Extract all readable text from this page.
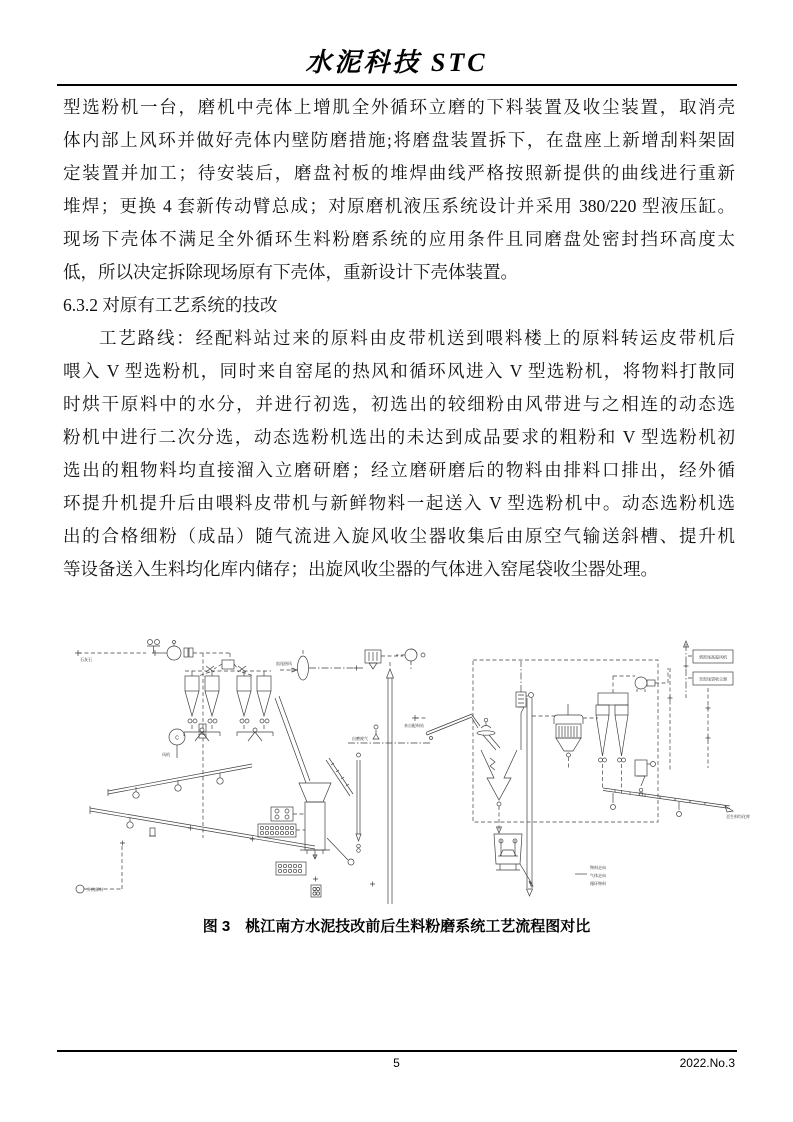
水泥科技 STC
型选粉机一台，磨机中壳体上增肌全外循环立磨的下料装置及收尘装置，取消壳
体内部上风环并做好壳体内壁防磨措施;将磨盘装置拆下，在盘座上新增刮料架固
定装置并加工；待安装后，磨盘衬板的堆焊曲线严格按照新提供的曲线进行重新
堆焊；更换 4 套新传动臂总成；对原磨机液压系统设计并采用 380/220 型液压缸。
现场下壳体不满足全外循环生料粉磨系统的应用条件且同磨盘处密封挡环高度太
低，所以决定拆除现场原有下壳体，重新设计下壳体装置。
6.3.2 对原有工艺系统的技改
工艺路线：经配料站过来的原料由皮带机送到喂料楼上的原料转运皮带机后
喂入 V 型选粉机，同时来自窑尾的热风和循环风进入 V 型选粉机，将物料打散同
时烘干原料中的水分，并进行初选，初选出的较细粉由风带进与之相连的动态选
粉机中进行二次分选，动态选粉机选出的未达到成品要求的粗粉和 V 型选粉机初
选出的粗物料均直接溜入立磨研磨；经立磨研磨后的物料由排料口排出，经外循
环提升机提升后由喂料皮带机与新鲜物料一起送入 V 型选粉机中。动态选粉机选
出的合格细粉（成品）随气流进入旋风收尘器收集后由原空气输送斜槽、提升机
等设备送入生料均化库内储存；出旋风收尘器的气体进入窑尾袋收尘器处理。
石灰石
C
风机
出磨废气
窑尾热风
外购原料
来自配料站
到窑尾高温风机
至窑尾袋收尘器
至生料均化库
物料走向
气体走向
循环物料
图 3　桃江南方水泥技改前后生料粉磨系统工艺流程图对比
5	2022.No.3
